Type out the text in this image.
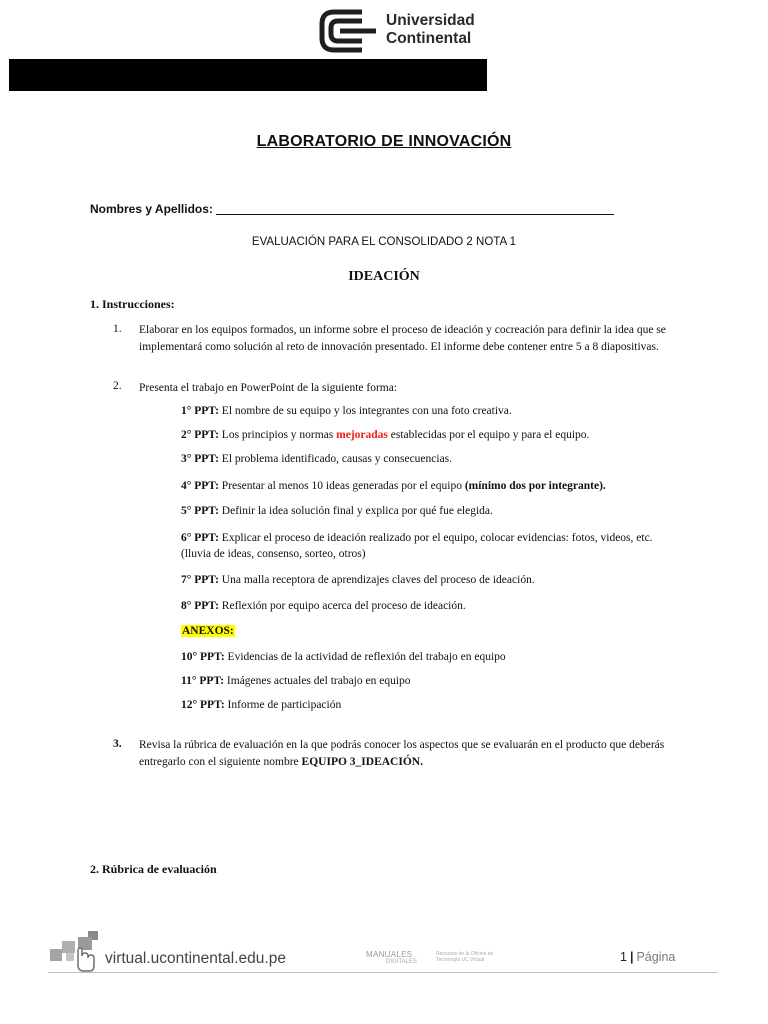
Universidad
Continental
LABORATORIO DE INNOVACIÓN
Nombres y Apellidos:
EVALUACIÓN PARA EL CONSOLIDADO 2 NOTA 1
IDEACIÓN
1. Instrucciones:
1. Elaborar en los equipos formados, un informe sobre el proceso de ideación y cocreación para definir la idea que se implementará como solución al reto de innovación presentado. El informe debe contener entre 5 a 8 diapositivas.
2. Presenta el trabajo en PowerPoint de la siguiente forma:
1° PPT: El nombre de su equipo y los integrantes con una foto creativa.
2° PPT: Los principios y normas mejoradas establecidas por el equipo y para el equipo.
3° PPT: El problema identificado, causas y consecuencias.
4° PPT: Presentar al menos 10 ideas generadas por el equipo (mínimo dos por integrante).
5° PPT: Definir la idea solución final y explica por qué fue elegida.
6° PPT: Explicar el proceso de ideación realizado por el equipo, colocar evidencias: fotos, videos, etc. (lluvia de ideas, consenso, sorteo, otros)
7° PPT: Una malla receptora de aprendizajes claves del proceso de ideación.
8° PPT: Reflexión por equipo acerca del proceso de ideación.
ANEXOS:
10° PPT: Evidencias de la actividad de reflexión del trabajo en equipo
11° PPT: Imágenes actuales del trabajo en equipo
12° PPT: Informe de participación
3. Revisa la rúbrica de evaluación en la que podrás conocer los aspectos que se evaluarán en el producto que deberás entregarlo con el siguiente nombre EQUIPO 3_IDEACIÓN.
2. Rúbrica de evaluación
virtual.ucontinental.edu.pe	MANUALES
DIGITALES
Recursos de la Oficina de Tecnología UC Virtual	1 | Página
